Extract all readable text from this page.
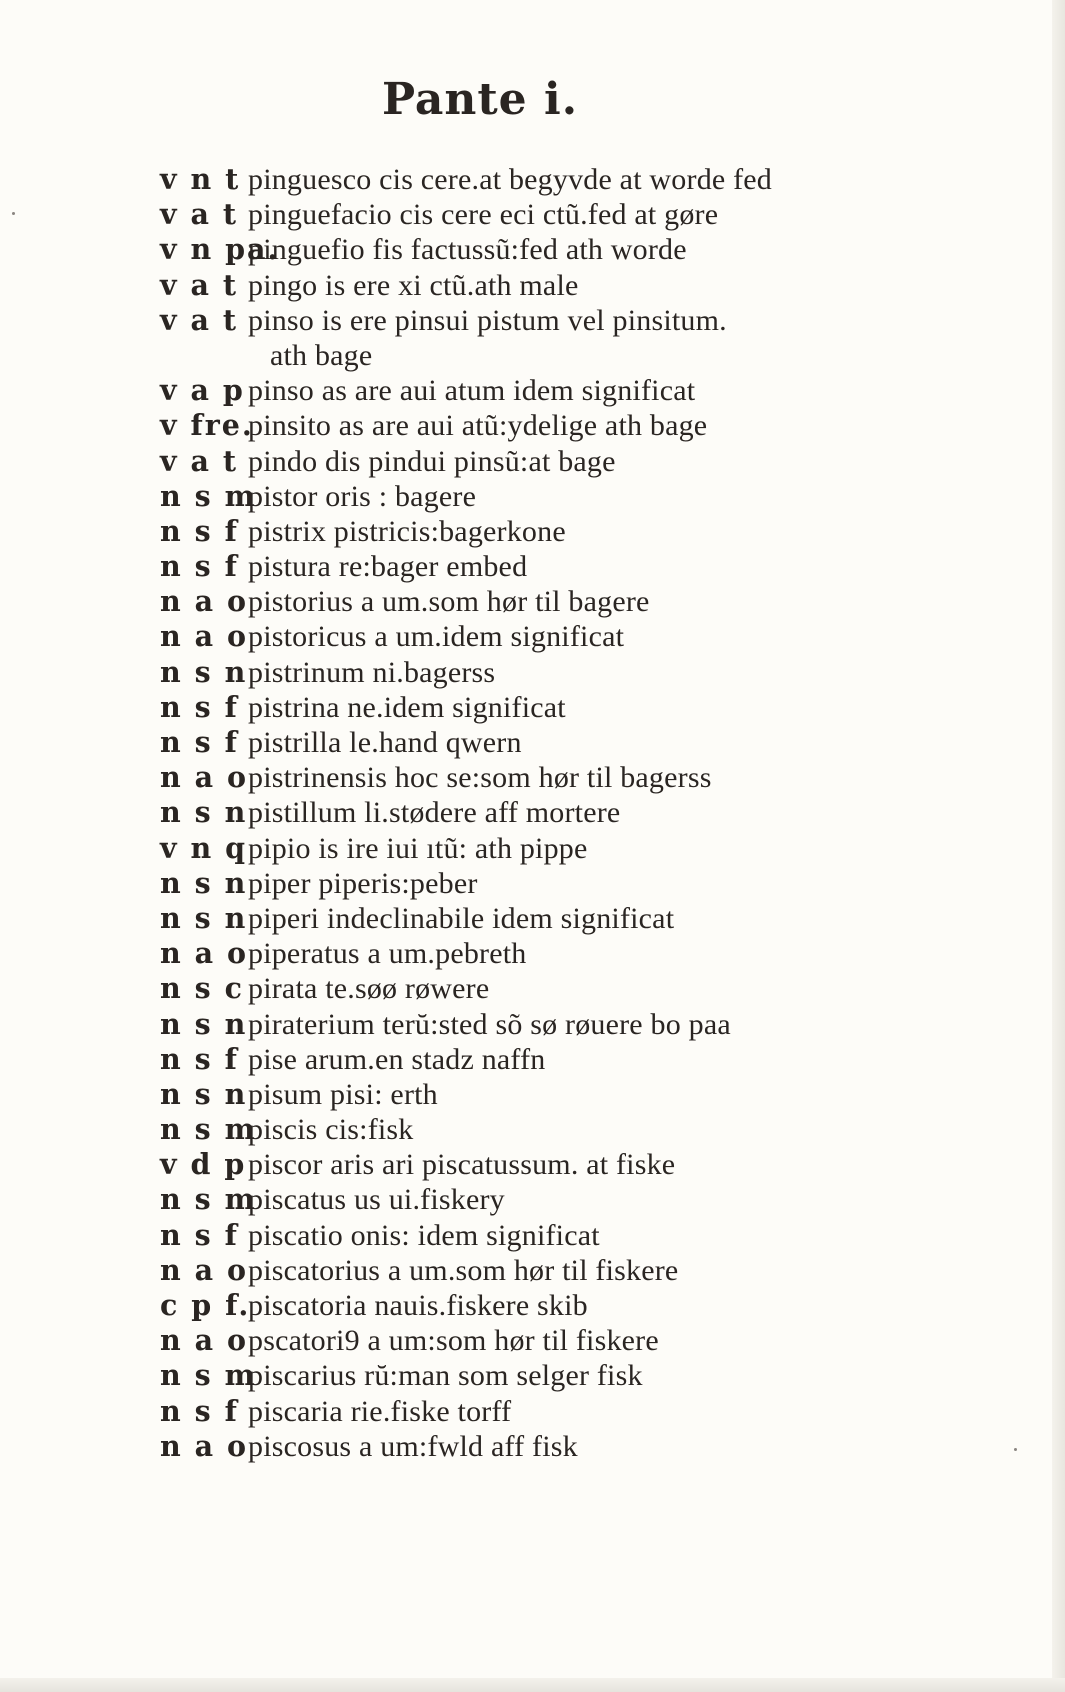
Pante i.
v n t pinguesco cis cere.at begyvde at worde fed
v a t pinguefacio cis cere eci ctũ.fed at gøre
v n pa.pinguefio fis factussũ:fed ath worde
v a t pingo is ere xi ctũ.ath male
v a t pinso is ere pinsui pistum vel pinsitum.
ath bage
v a p pinso as are aui atum idem significat
v fre.pinsito as are aui atũ:ydelige ath bage
v a t pindo dis pindui pinsũ:at bage
n s mpistor oris : bagere
n s f pistrix pistricis:bagerkone
n s f pistura re:bager embed
n a opistorius a um.som hør til bagere
n a opistoricus a um.idem significat
n s npistrinum ni.bagerss
n s f pistrina ne.idem significat
n s f pistrilla le.hand qwern
n a opistrinensis hoc se:som hør til bagerss
n s npistillum li.stødere aff mortere
v n qpipio is ire iui ıtũ: ath pippe
n s npiper piperis:peber
n s npiperi indeclinabile idem significat
n a opiperatus a um.pebreth
n s c pirata te.søø røwere
n s npiraterium terŭ:sted sõ sø røuere bo paa
n s f pise arum.en stadz naffn
n s npisum pisi: erth
n s mpiscis cis:fisk
v d ppiscor aris ari piscatussum. at fiske
n s mpiscatus us ui.fiskery
n s f piscatio onis: idem significat
n a opiscatorius a um.som hør til fiskere
c p f.piscatoria nauis.fiskere skib
n a opscatori9 a um:som hør til fiskere
n s mpiscarius rŭ:man som selger fisk
n s f piscaria rie.fiske torff
n a opiscosus a um:fwld aff fisk
